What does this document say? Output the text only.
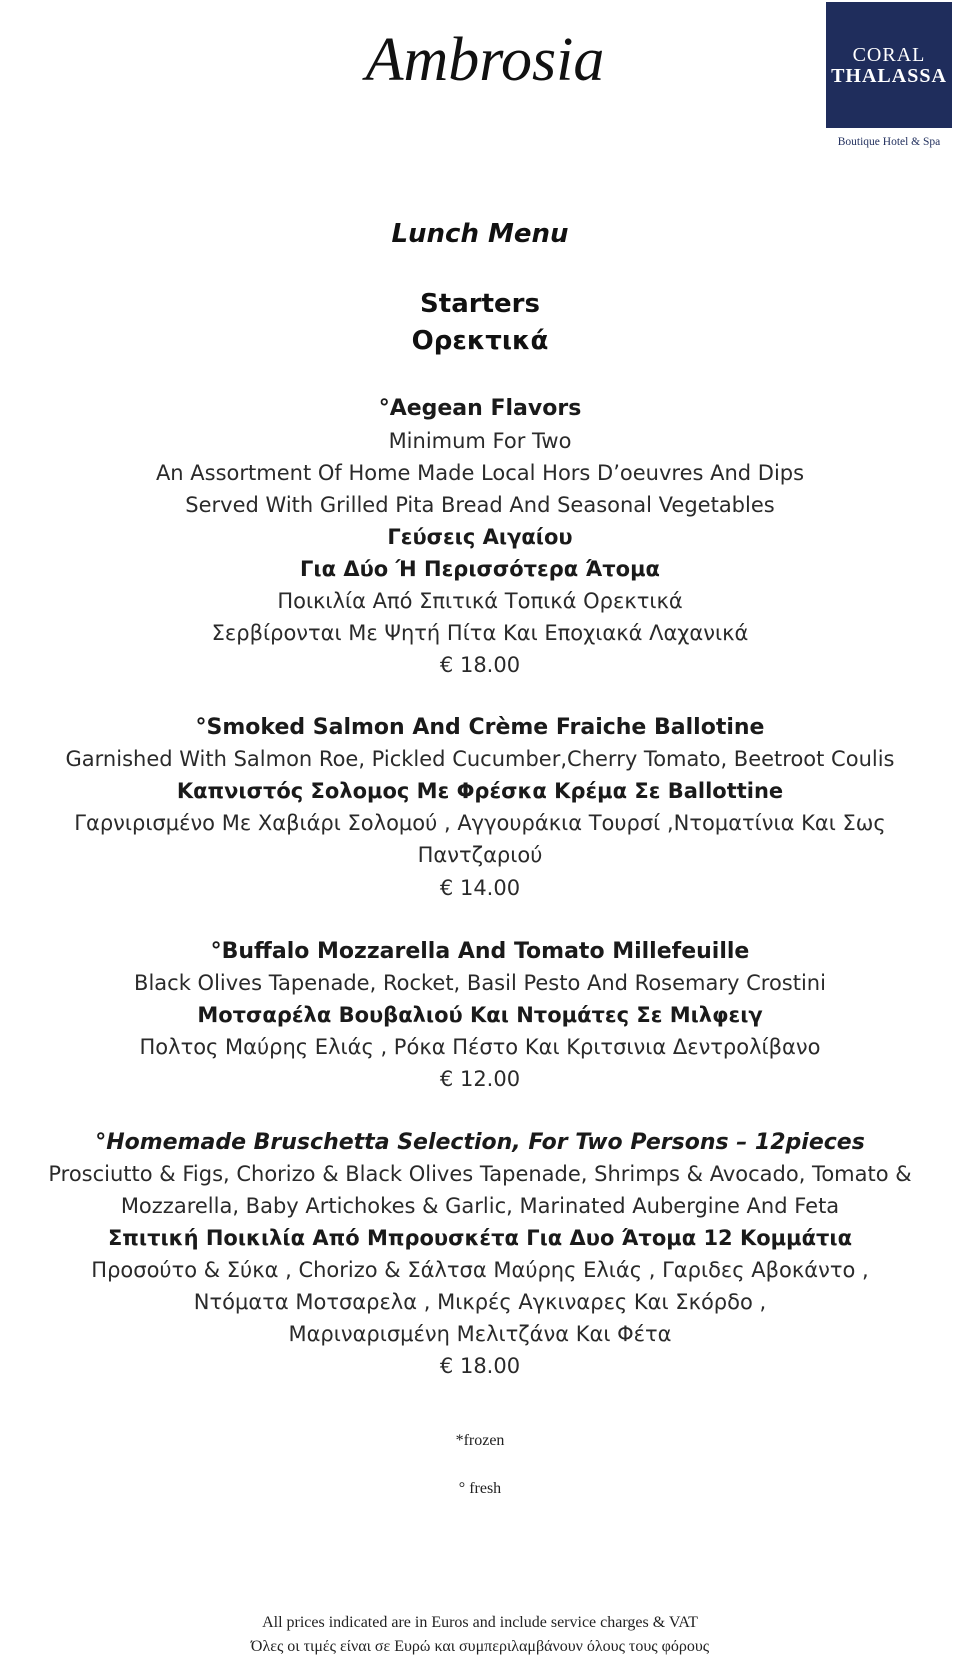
Ambrosia	CORAL
THALASSA
Boutique Hotel & Spa
Lunch Menu
Starters
Ορεκτικά
°Aegean Flavors
Minimum For Two
An Assortment Of Home Made Local Hors D’oeuvres And Dips
Served With Grilled Pita Bread And Seasonal Vegetables
Γεύσεις Αιγαίου
Για Δύο Ή Περισσότερα Άτομα
Ποικιλία Από Σπιτικά Τοπικά Ορεκτικά
Σερβίρονται Με Ψητή Πίτα Και Εποχιακά Λαχανικά
€ 18.00
°Smoked Salmon And Crème Fraiche Ballotine
Garnished With Salmon Roe, Pickled Cucumber,Cherry Tomato, Beetroot Coulis
Καπνιστός Σολομος Με Φρέσκα Κρέμα Σε Ballottine
Γαρνιρισμένο Με Χαβιάρι Σολομού , Αγγουράκια Τουρσί ,Ντοματίνια Και Σως
Παντζαριού
€ 14.00
°Buffalo Mozzarella And Tomato Millefeuille
Black Olives Tapenade, Rocket, Basil Pesto And Rosemary Crostini
Μοτσαρέλα Βουβαλιού Και Ντομάτες Σε Μιλφειγ
Πολτος Μαύρης Ελιάς , Ρόκα Πέστο Και Κριτσινια Δεντρολίβανο
€ 12.00
°Homemade Bruschetta Selection, For Two Persons – 12pieces
Prosciutto & Figs, Chorizo & Black Olives Tapenade, Shrimps & Avocado, Tomato &
Mozzarella, Baby Artichokes & Garlic, Marinated Aubergine And Feta
Σπιτική Ποικιλία Από Μπρουσκέτα Για Δυο Άτομα 12 Κομμάτια
Προσούτο & Σύκα , Chorizo & Σάλτσα Μαύρης Ελιάς , Γαριδες Αβοκάντο ,
Ντόματα Μοτσαρελα , Μικρές Αγκιναρες Και Σκόρδο ,
Μαριναρισμένη Μελιτζάνα Και Φέτα
€ 18.00
*frozen
° fresh
All prices indicated are in Euros and include service charges & VAT
Όλες οι τιμές είναι σε Ευρώ και συμπεριλαμβάνουν όλους τους φόρους
